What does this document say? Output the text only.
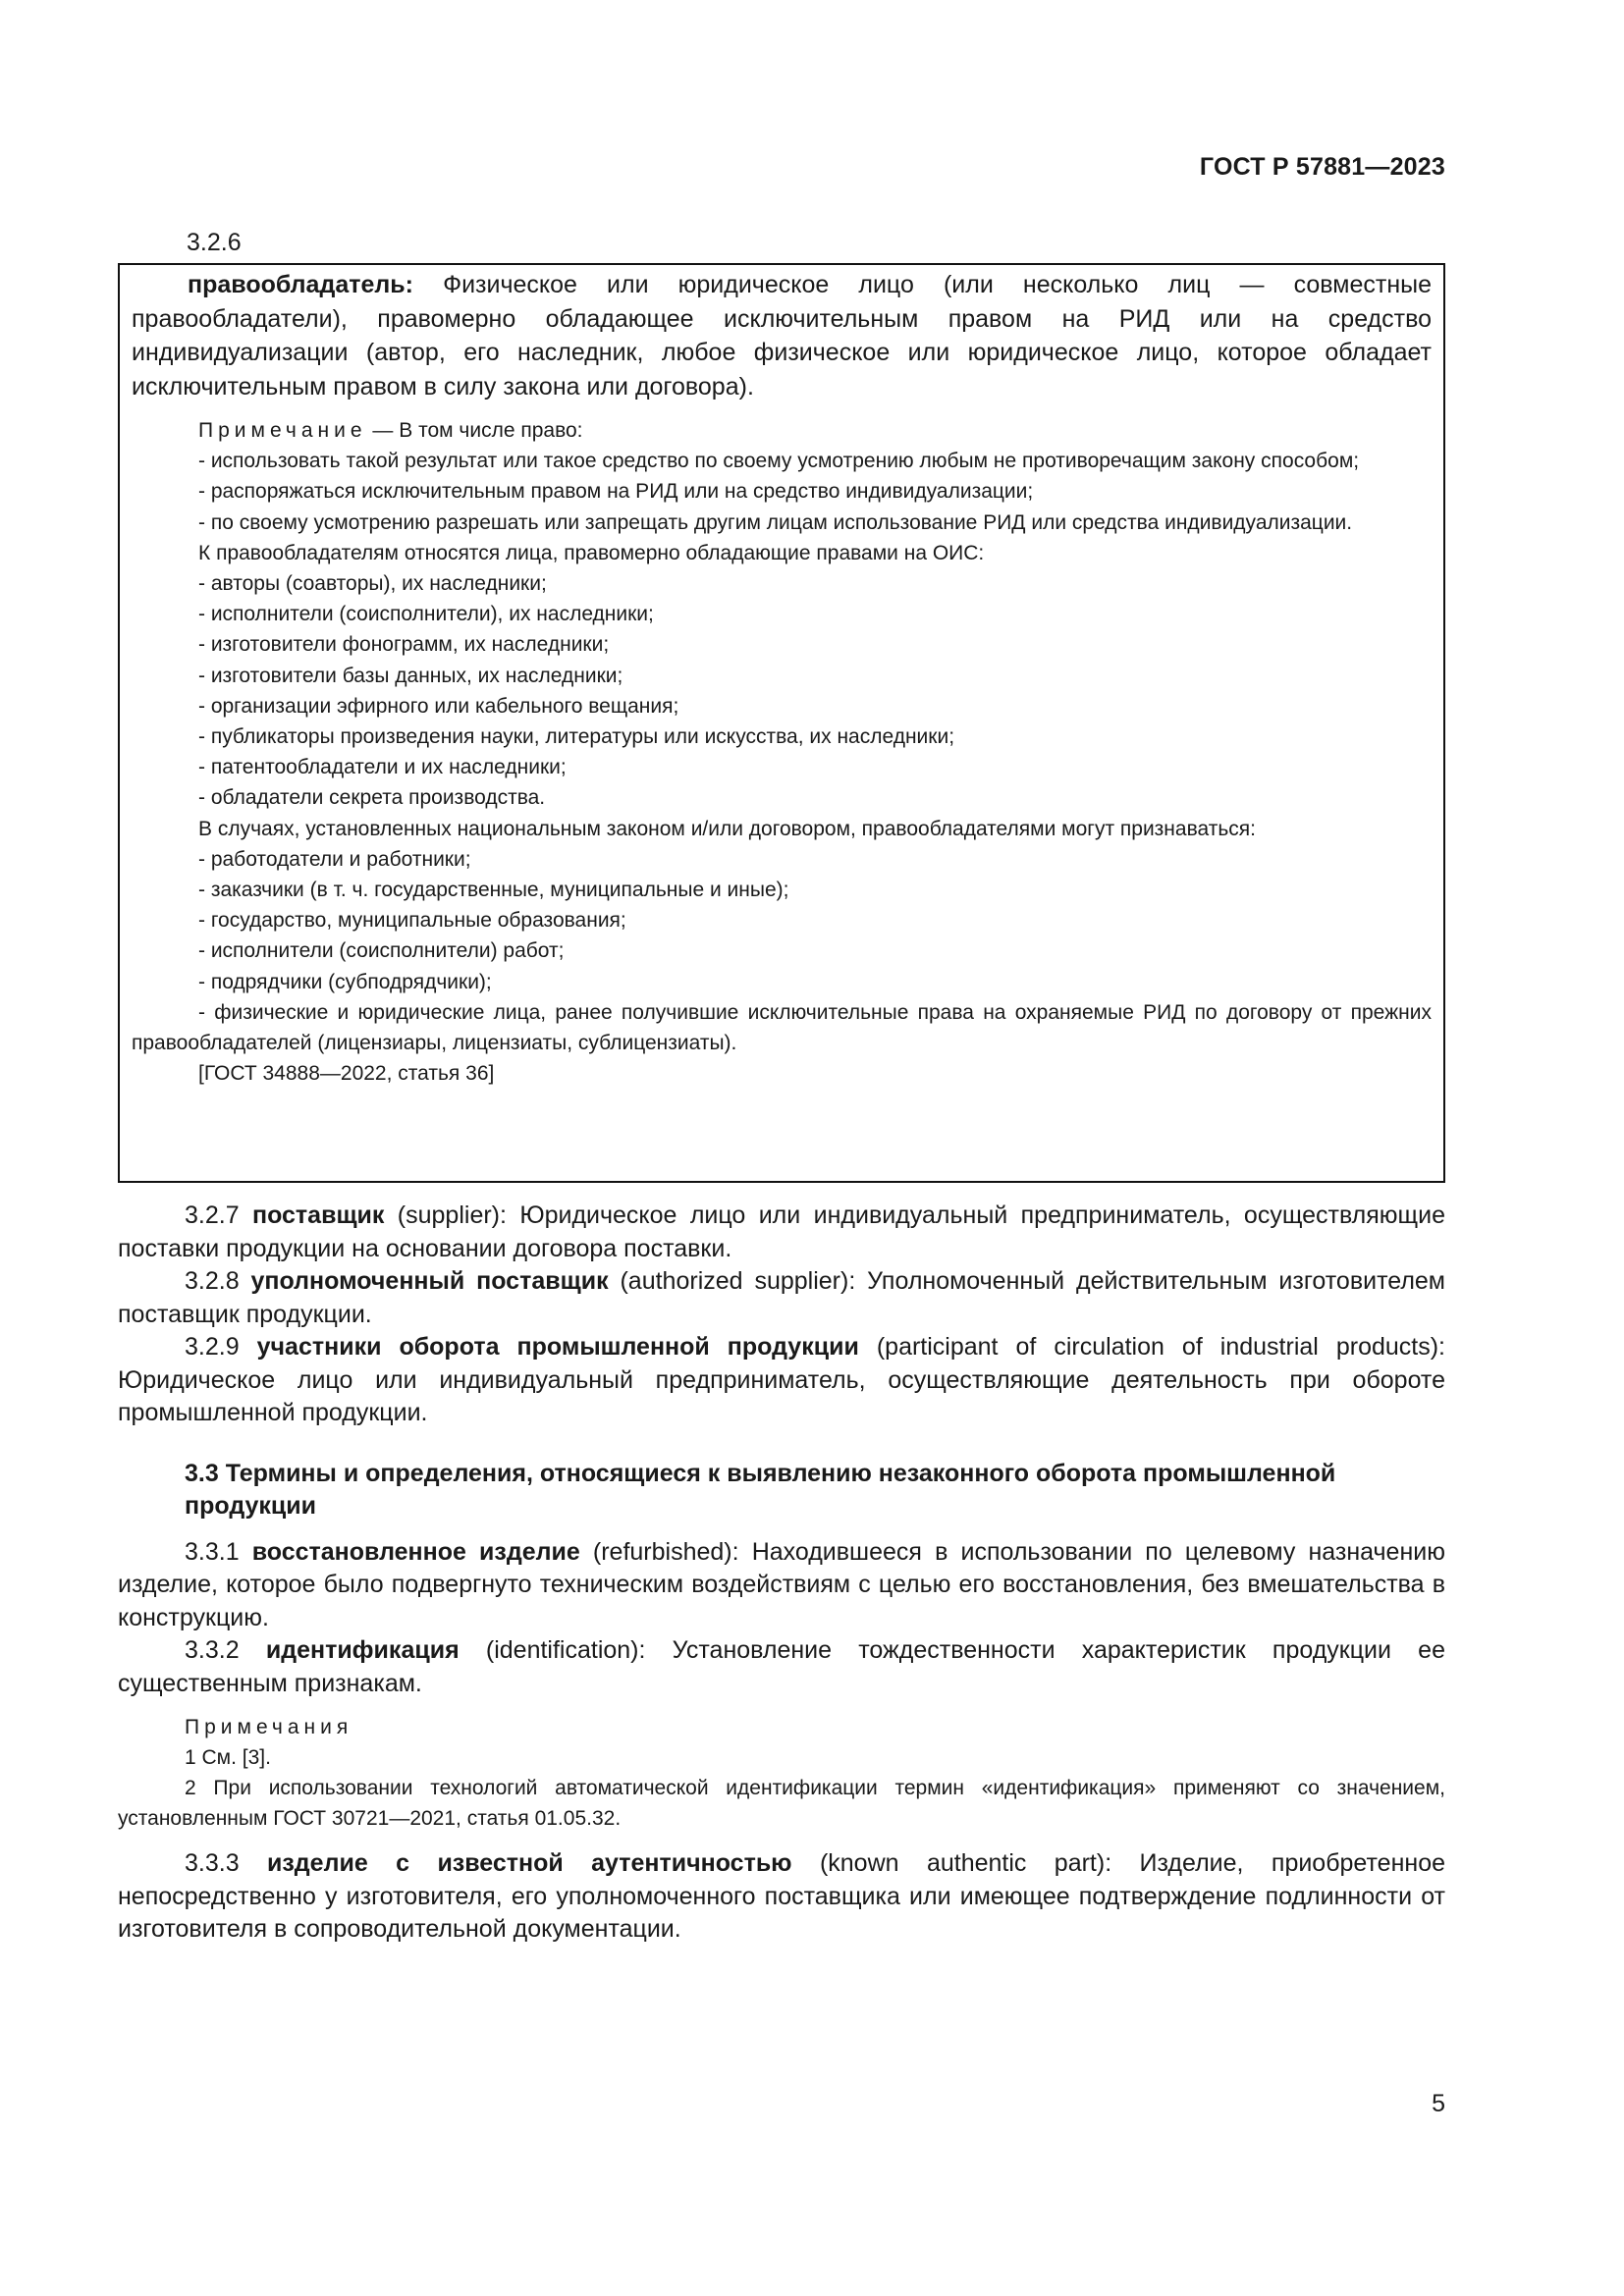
ГОСТ Р 57881—2023
3.2.6

правообладатель: Физическое или юридическое лицо (или несколько лиц — совместные правообладатели), правомерно обладающее исключительным правом на РИД или на средство индивидуализации (автор, его наследник, любое физическое или юридическое лицо, которое обладает исключительным правом в силу закона или договора).

Примечание — В том числе право:

- использовать такой результат или такое средство по своему усмотрению любым не противоречащим закону способом;

- распоряжаться исключительным правом на РИД или на средство индивидуализации;

- по своему усмотрению разрешать или запрещать другим лицам использование РИД или средства индивидуализации.

К правообладателям относятся лица, правомерно обладающие правами на ОИС:

- авторы (соавторы), их наследники;

- исполнители (соисполнители), их наследники;

- изготовители фонограмм, их наследники;

- изготовители базы данных, их наследники;

- организации эфирного или кабельного вещания;

- публикаторы произведения науки, литературы или искусства, их наследники;

- патентообладатели и их наследники;

- обладатели секрета производства.

В случаях, установленных национальным законом и/или договором, правообладателями могут признаваться:

- работодатели и работники;

- заказчики (в т. ч. государственные, муниципальные и иные);

- государство, муниципальные образования;

- исполнители (соисполнители) работ;

- подрядчики (субподрядчики);

- физические и юридические лица, ранее получившие исключительные права на охраняемые РИД по договору от прежних правообладателей (лицензиары, лицензиаты, сублицензиаты).

[ГОСТ 34888—2022, статья 36]

3.2.7 поставщик (supplier): Юридическое лицо или индивидуальный предприниматель, осуществляющие поставки продукции на основании договора поставки.

3.2.8 уполномоченный поставщик (authorized supplier): Уполномоченный действительным изготовителем поставщик продукции.

3.2.9 участники оборота промышленной продукции (participant of circulation of industrial products): Юридическое лицо или индивидуальный предприниматель, осуществляющие деятельность при обороте промышленной продукции.

3.3 Термины и определения, относящиеся к выявлению незаконного оборота промышленной продукции

3.3.1 восстановленное изделие (refurbished): Находившееся в использовании по целевому назначению изделие, которое было подвергнуто техническим воздействиям с целью его восстановления, без вмешательства в конструкцию.

3.3.2 идентификация (identification): Установление тождественности характеристик продукции ее существенным признакам.

Примечания

1 См. [3].

2 При использовании технологий автоматической идентификации термин «идентификация» применяют со значением, установленным ГОСТ 30721—2021, статья 01.05.32.

3.3.3 изделие с известной аутентичностью (known authentic part): Изделие, приобретенное непосредственно у изготовителя, его уполномоченного поставщика или имеющее подтверждение подлинности от изготовителя в сопроводительной документации.

5
